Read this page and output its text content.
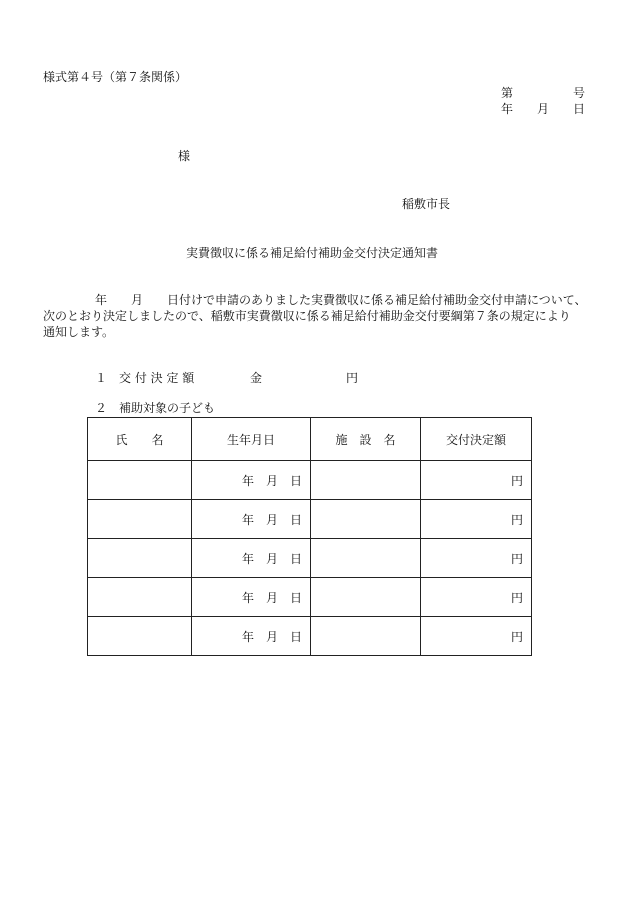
様式第４号（第７条関係）
第　　　　　号
年　　月　　日
様
稲敷市長
実費徴収に係る補足給付補助金交付決定通知書
年　　月　　日付けで申請のありました実費徴収に係る補足給付補助金交付申請について、
次のとおり決定しましたので、稲敷市実費徴収に係る補足給付補助金交付要綱第７条の規定により
通知します。
１　交 付 決 定 額	金	円
２　補助対象の子ども
氏　　名	生年月日	施　設　名	交付決定額
	年　月　日		円
	年　月　日		円
	年　月　日		円
	年　月　日		円
	年　月　日		円
